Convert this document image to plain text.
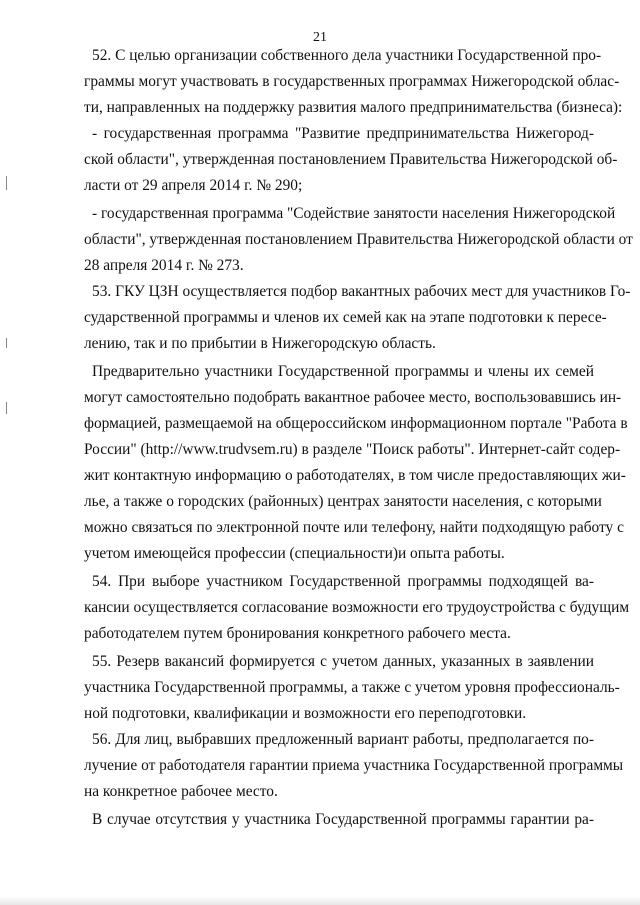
21
52. С целью организации собственного дела участники Государственной про-
граммы могут участвовать в государственных программах Нижегородской облас-
ти, направленных на поддержку развития малого предпринимательства (бизнеса):
- государственная программа "Развитие предпринимательства Нижегород-
ской области", утвержденная постановлением Правительства Нижегородской об-
ласти от 29 апреля 2014 г. № 290;
- государственная программа "Содействие занятости населения Нижегородской
области", утвержденная постановлением Правительства Нижегородской области от
28 апреля 2014 г. № 273.
53. ГКУ ЦЗН осуществляется подбор вакантных рабочих мест для участников Го-
сударственной программы и членов их семей как на этапе подготовки к пересе-
лению, так и по прибытии в Нижегородскую область.
Предварительно участники Государственной программы и члены их семей
могут самостоятельно подобрать вакантное рабочее место, воспользовавшись ин-
формацией, размещаемой на общероссийском информационном портале "Работа в
России" (http://www.trudvsem.ru) в разделе "Поиск работы". Интернет-сайт содер-
жит контактную информацию о работодателях, в том числе предоставляющих жи-
лье, а также о городских (районных) центрах занятости населения, с которыми
можно связаться по электронной почте или телефону, найти подходящую работу с
учетом имеющейся профессии (специальности)и опыта работы.
54. При выборе участником Государственной программы подходящей ва-
кансии осуществляется согласование возможности его трудоустройства с будущим
работодателем путем бронирования конкретного рабочего места.
55. Резерв вакансий формируется с учетом данных, указанных в заявлении
участника Государственной программы, а также с учетом уровня профессиональ-
ной подготовки, квалификации и возможности его переподготовки.
56. Для лиц, выбравших предложенный вариант работы, предполагается по-
лучение от работодателя гарантии приема участника Государственной программы
на конкретное рабочее место.
В случае отсутствия у участника Государственной программы гарантии ра-
